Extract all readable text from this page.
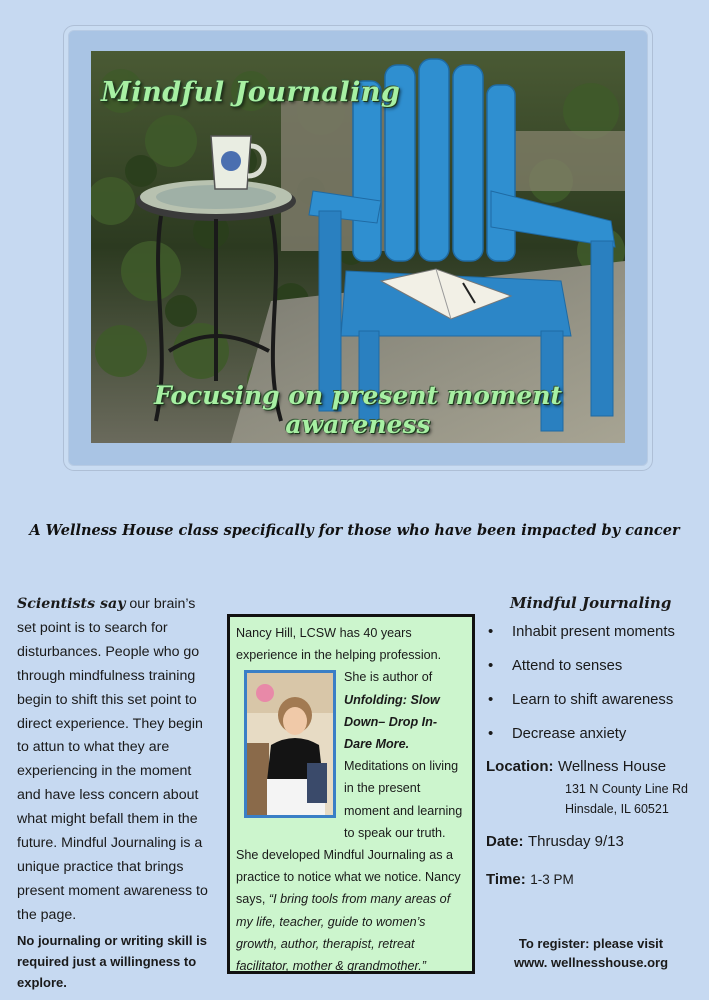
Mindful Journaling
Focusing on present moment awareness
A Wellness House class specifically for those who have been impacted by cancer
Scientists say our brain’s set point is to search for disturbances. People who go through mindfulness training begin to shift this set point to direct experience. They begin to attun to what they are experiencing in the moment and have less concern about what might befall them in the future. Mindful Journaling is a unique practice that brings present moment awareness to the page.
No journaling or writing skill is required just a willingness to explore.
Nancy Hill, LCSW has 40 years experience in the helping profession. She is
author of Unfolding: Slow Down– Drop In- Dare More. Meditations on living in the present moment and learning to speak our truth. She developed Mindful Journaling as a practice to notice what we notice. Nancy says, “I bring tools from many areas of my life, teacher, guide to women’s growth, author, therapist, retreat facilitator, mother & grandmother.”
Mindful Journaling
• Inhabit present moments
• Attend to senses
• Learn to shift awareness
• Decrease anxiety
Location: Wellness House
131 N County Line Rd
Hinsdale, IL 60521
Date: Thrusday 9/13
Time: 1-3 PM
To register: please visit
www. wellnesshouse.org
